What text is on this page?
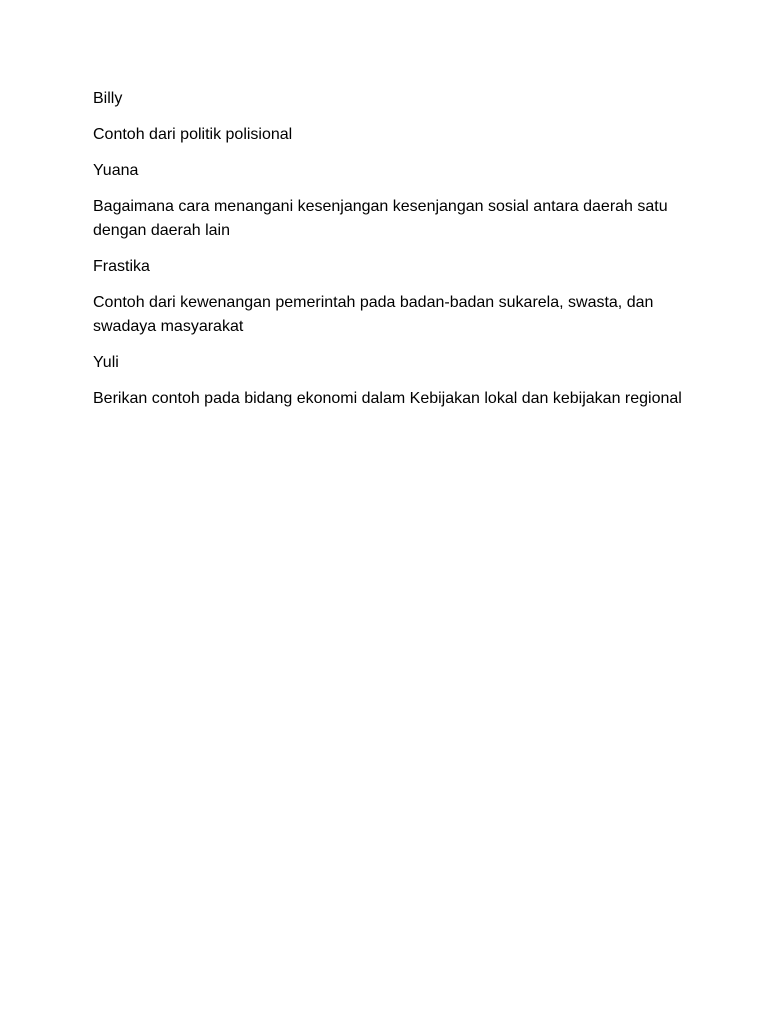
Billy

Contoh dari politik polisional

Yuana

Bagaimana cara menangani kesenjangan kesenjangan sosial antara daerah satu dengan daerah lain

Frastika

Contoh dari kewenangan pemerintah pada badan-badan sukarela, swasta, dan swadaya masyarakat

Yuli

Berikan contoh pada bidang ekonomi dalam Kebijakan lokal dan kebijakan regional
